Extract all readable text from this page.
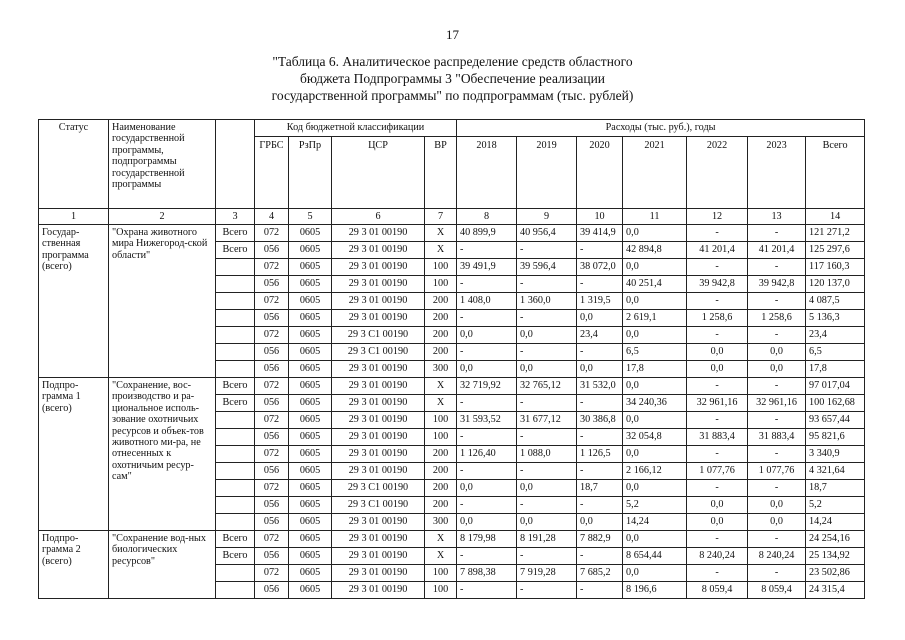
17
"Таблица 6. Аналитическое распределение средств областного
бюджета Подпрограммы 3 "Обеспечение реализации
государственной программы" по подпрограммам (тыс. рублей)
Статус	Наименование государственной программы, подпрограммы государственной программы		Код бюджетной классификации				Расходы (тыс. руб.), годы						
			ГРБС	РзПр	ЦСР	ВР	2018	2019	2020	2021	2022	2023	Всего
1	2	3	4	5	6	7	8	9	10	11	12	13	14
Государ-ственная программа (всего)	"Охрана животного мира Нижегород-ской области"	Всего	072	0605	29 3 01 00190	Х	40 899,9	40 956,4	39 414,9	0,0	-	-	121 271,2
		Всего	056	0605	29 3 01 00190	Х	-	-	-	42 894,8	41 201,4	41 201,4	125 297,6
			072	0605	29 3 01 00190	100	39 491,9	39 596,4	38 072,0	0,0	-	-	117 160,3
			056	0605	29 3 01 00190	100	-	-	-	40 251,4	39 942,8	39 942,8	120 137,0
			072	0605	29 3 01 00190	200	1 408,0	1 360,0	1 319,5	0,0	-	-	4 087,5
			056	0605	29 3 01 00190	200	-	-	0,0	2 619,1	1 258,6	1 258,6	5 136,3
			072	0605	29 3 С1 00190	200	0,0	0,0	23,4	0,0	-	-	23,4
			056	0605	29 3 С1 00190	200	-	-	-	6,5	0,0	0,0	6,5
			056	0605	29 3 01 00190	300	0,0	0,0	0,0	17,8	0,0	0,0	17,8
Подпро-грамма 1 (всего)	"Сохранение, вос-производство и ра-циональное исполь-зование охотничьих ресурсов и объек-тов животного ми-ра, не отнесенных к охотничьим ресур-сам"	Всего	072	0605	29 3 01 00190	Х	32 719,92	32 765,12	31 532,0	0,0	-	-	97 017,04
		Всего	056	0605	29 3 01 00190	Х	-	-	-	34 240,36	32 961,16	32 961,16	100 162,68
			072	0605	29 3 01 00190	100	31 593,52	31 677,12	30 386,8	0,0	-	-	93 657,44
			056	0605	29 3 01 00190	100	-	-	-	32 054,8	31 883,4	31 883,4	95 821,6
			072	0605	29 3 01 00190	200	1 126,40	1 088,0	1 126,5	0,0	-	-	3 340,9
			056	0605	29 3 01 00190	200	-	-	-	2 166,12	1 077,76	1 077,76	4 321,64
			072	0605	29 3 С1 00190	200	0,0	0,0	18,7	0,0	-	-	18,7
			056	0605	29 3 С1 00190	200	-	-	-	5,2	0,0	0,0	5,2
			056	0605	29 3 01 00190	300	0,0	0,0	0,0	14,24	0,0	0,0	14,24
Подпро-грамма 2 (всего)	"Сохранение вод-ных биологических ресурсов"	Всего	072	0605	29 3 01 00190	Х	8 179,98	8 191,28	7 882,9	0,0	-	-	24 254,16
		Всего	056	0605	29 3 01 00190	Х	-	-	-	8 654,44	8 240,24	8 240,24	25 134,92
			072	0605	29 3 01 00190	100	7 898,38	7 919,28	7 685,2	0,0	-	-	23 502,86
			056	0605	29 3 01 00190	100	-	-	-	8 196,6	8 059,4	8 059,4	24 315,4
